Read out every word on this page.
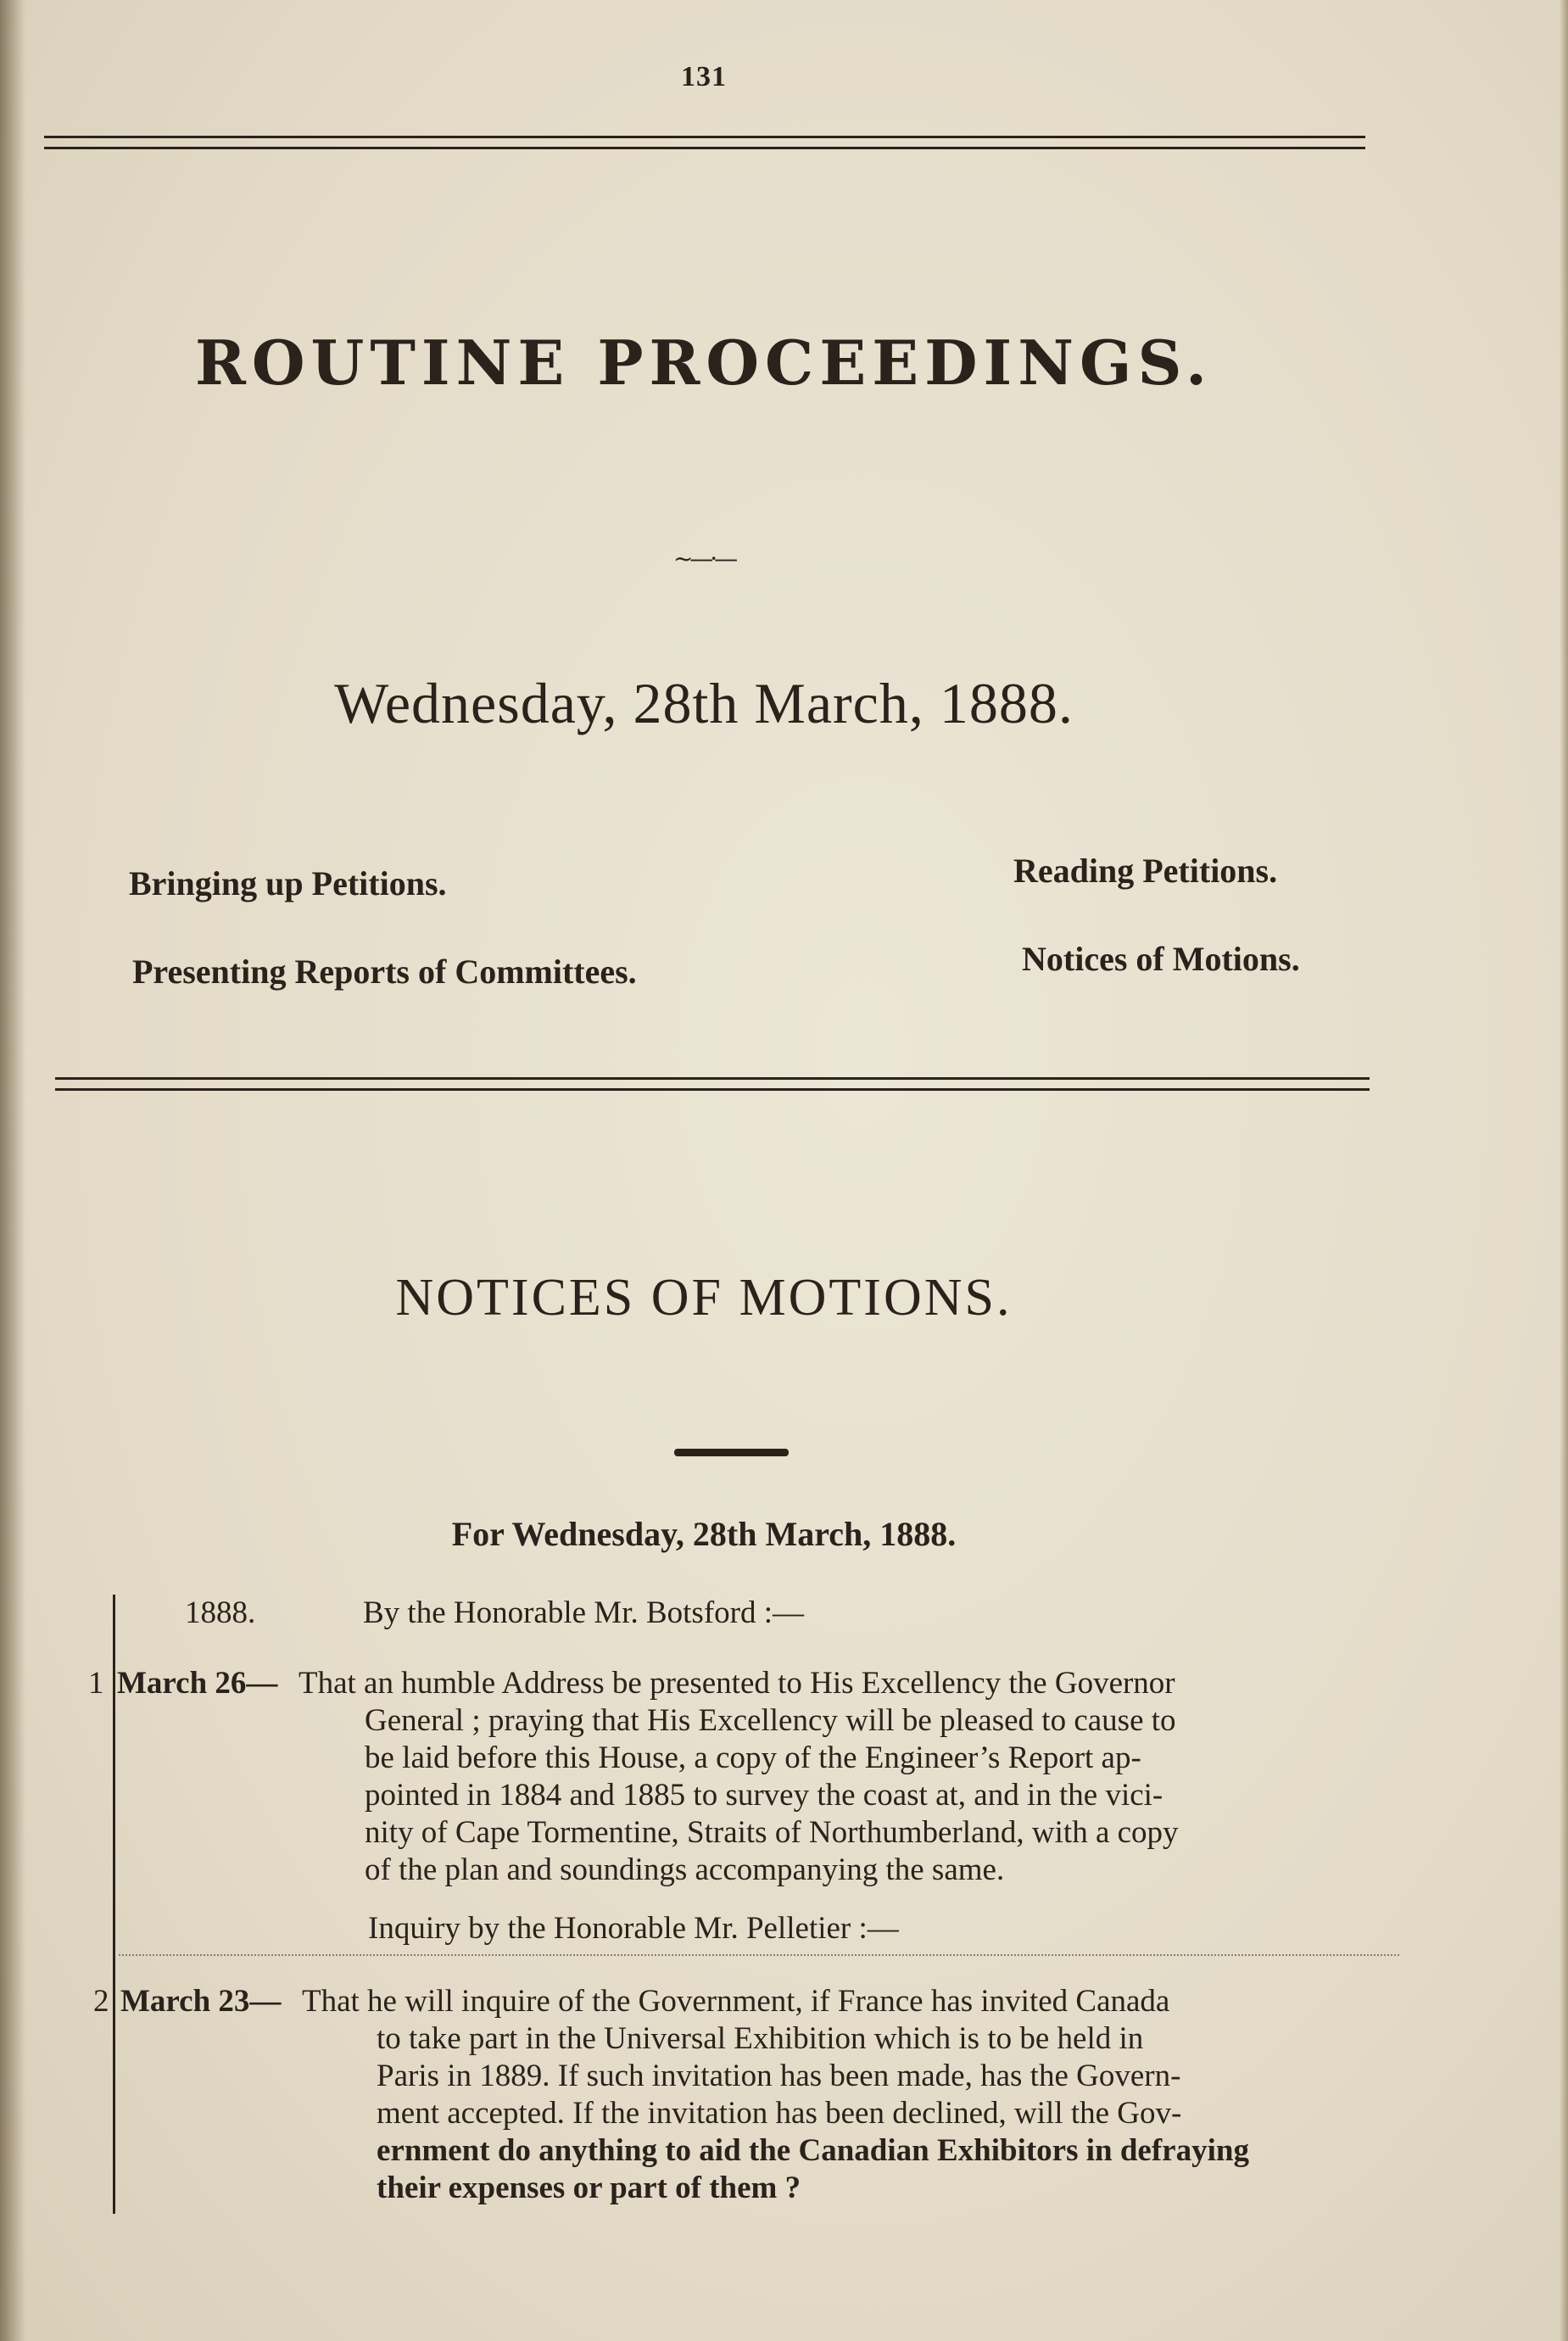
131
ROUTINE PROCEEDINGS.
~—·—
Wednesday, 28th March, 1888.
Bringing up Petitions.	Reading Petitions.
Presenting Reports of Committees.	Notices of Motions.
NOTICES OF MOTIONS.
For Wednesday, 28th March, 1888.
1888.	By the Honorable Mr. Botsford :—
1 March 26— That an humble Address be presented to His Excellency the Governor
General ; praying that His Excellency will be pleased to cause to
be laid before this House, a copy of the Engineer’s Report ap-
pointed in 1884 and 1885 to survey the coast at, and in the vici-
nity of Cape Tormentine, Straits of Northumberland, with a copy
of the plan and soundings accompanying the same.
Inquiry by the Honorable Mr. Pelletier :—
2 March 23— That he will inquire of the Government, if France has invited Canada
to take part in the Universal Exhibition which is to be held in
Paris in 1889. If such invitation has been made, has the Govern-
ment accepted. If the invitation has been declined, will the Gov-
ernment do anything to aid the Canadian Exhibitors in defraying
their expenses or part of them ?
